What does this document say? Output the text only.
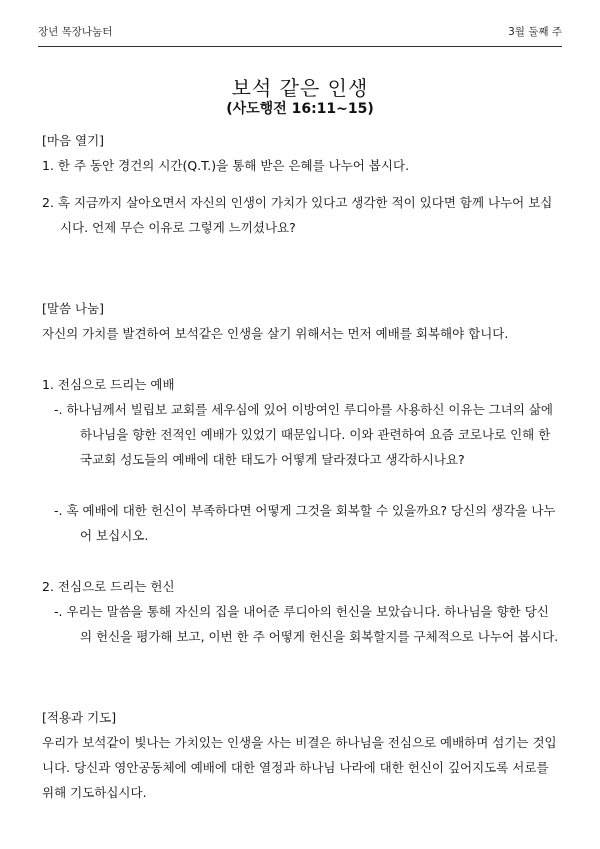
장년 목장나눔터	3월 둘째 주
보석 같은 인생
(사도행전 16:11~15)

[마음 열기]

1. 한 주 동안 경건의 시간(Q.T.)을 통해 받은 은혜를 나누어 봅시다.

2. 혹 지금까지 살아오면서 자신의 인생이 가치가 있다고 생각한 적이 있다면 함께 나누어 보십시다. 언제 무슨 이유로 그렇게 느끼셨나요?

[말씀 나눔]

자신의 가치를 발견하여 보석같은 인생을 살기 위해서는 먼저 예배를 회복해야 합니다.

1. 전심으로 드리는 예배

-. 하나님께서 빌립보 교회를 세우심에 있어 이방여인 루디아를 사용하신 이유는 그녀의 삶에 하나님을 향한 전적인 예배가 있었기 때문입니다. 이와 관련하여 요즘 코로나로 인해 한국교회 성도들의 예배에 대한 태도가 어떻게 달라졌다고 생각하시나요?

-. 혹 예배에 대한 헌신이 부족하다면 어떻게 그것을 회복할 수 있을까요? 당신의 생각을 나누어 보십시오.

2. 전심으로 드리는 헌신

-. 우리는 말씀을 통해 자신의 집을 내어준 루디아의 헌신을 보았습니다. 하나님을 향한 당신의 헌신을 평가해 보고, 이번 한 주 어떻게 헌신을 회복할지를 구체적으로 나누어 봅시다.

[적용과 기도]

우리가 보석같이 빛나는 가치있는 인생을 사는 비결은 하나님을 전심으로 예배하며 섬기는 것입니다. 당신과 영안공동체에 예배에 대한 열정과 하나님 나라에 대한 헌신이 깊어지도록 서로를 위해 기도하십시다.
